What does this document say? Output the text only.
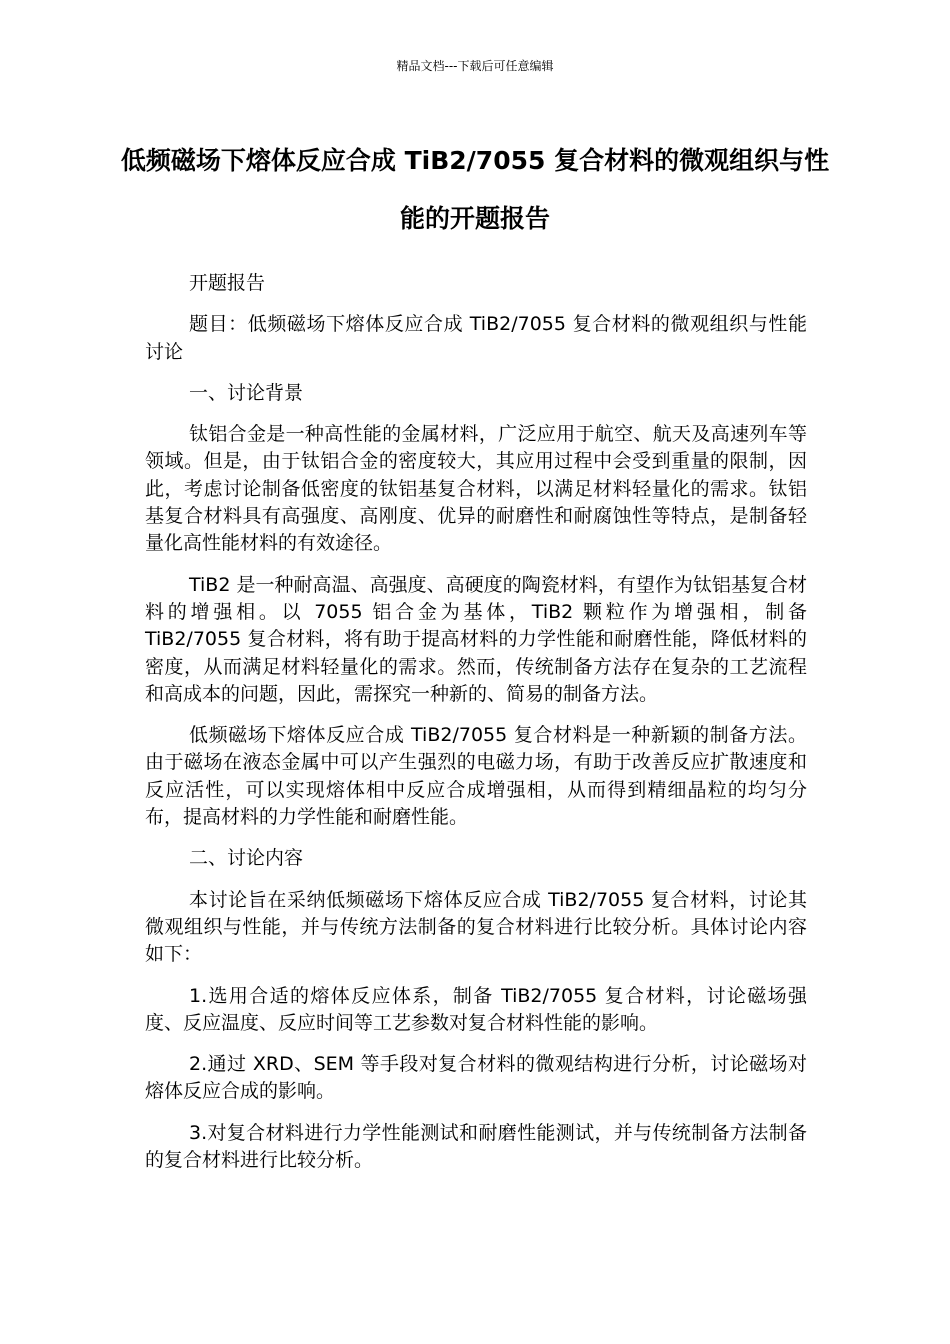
精品文档---下载后可任意编辑
低频磁场下熔体反应合成 TiB2/7055 复合材料的微观组织与性能的开题报告

开题报告

题目：低频磁场下熔体反应合成 TiB2/7055 复合材料的微观组织与性能讨论

一、讨论背景

钛铝合金是一种高性能的金属材料，广泛应用于航空、航天及高速列车等领域。但是，由于钛铝合金的密度较大，其应用过程中会受到重量的限制，因此，考虑讨论制备低密度的钛铝基复合材料，以满足材料轻量化的需求。钛铝基复合材料具有高强度、高刚度、优异的耐磨性和耐腐蚀性等特点，是制备轻量化高性能材料的有效途径。

TiB2 是一种耐高温、高强度、高硬度的陶瓷材料，有望作为钛铝基复合材料的增强相。以 7055 铝合金为基体，TiB2 颗粒作为增强相，制备 TiB2/7055 复合材料，将有助于提高材料的力学性能和耐磨性能，降低材料的密度，从而满足材料轻量化的需求。然而，传统制备方法存在复杂的工艺流程和高成本的问题，因此，需探究一种新的、简易的制备方法。

低频磁场下熔体反应合成 TiB2/7055 复合材料是一种新颖的制备方法。由于磁场在液态金属中可以产生强烈的电磁力场，有助于改善反应扩散速度和反应活性，可以实现熔体相中反应合成增强相，从而得到精细晶粒的均匀分布，提高材料的力学性能和耐磨性能。

二、讨论内容

本讨论旨在采纳低频磁场下熔体反应合成 TiB2/7055 复合材料，讨论其微观组织与性能，并与传统方法制备的复合材料进行比较分析。具体讨论内容如下：

1.选用合适的熔体反应体系，制备 TiB2/7055 复合材料，讨论磁场强度、反应温度、反应时间等工艺参数对复合材料性能的影响。

2.通过 XRD、SEM 等手段对复合材料的微观结构进行分析，讨论磁场对熔体反应合成的影响。

3.对复合材料进行力学性能测试和耐磨性能测试，并与传统制备方法制备的复合材料进行比较分析。
